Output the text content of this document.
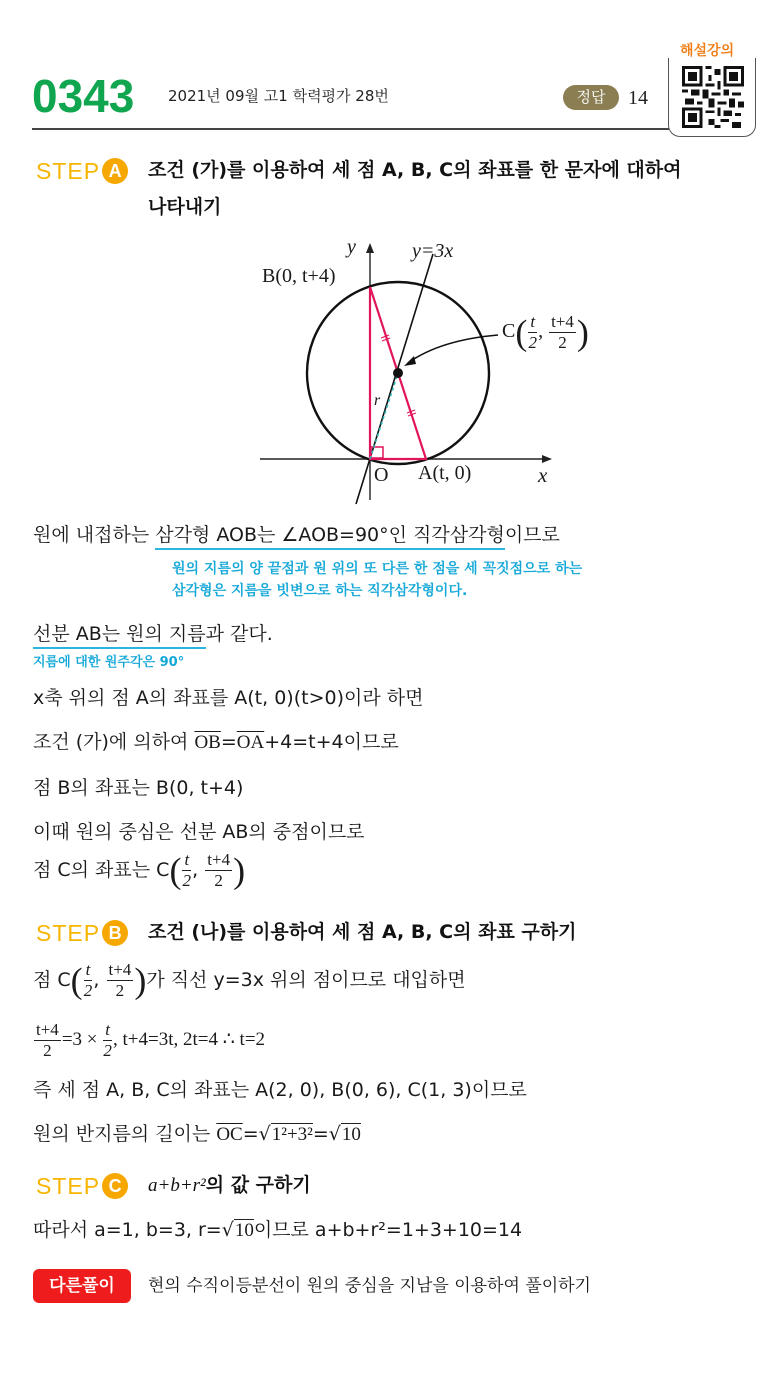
0343 2021년 09월 고1 학력평가 28번	정답	14
해설강의
STEP A	조건 (가)를 이용하여 세 점 A, B, C의 좌표를 한 문자에 대하여
나타내기
y
x
y=3x
B(0, t+4)
O A(t, 0)
r
$C( \frac{t}{2}$ , $\frac{t+4}{2}$ )
원에 내접하는 삼각형 AOB는 ∠AOB=90°인 직각삼각형이므로
원의 지름의 양 끝점과 원 위의 또 다른 한 점을 세 꼭짓점으로 하는
삼각형은 지름을 빗변으로 하는 직각삼각형이다.
선분 AB는 원의 지름과 같다.
지름에 대한 원주각은 90°
x축 위의 점 A의 좌표를 A(t, 0)(t>0)이라 하면
조건 (가)에 의하여 $\overline{OB}=\overline{OA}+4=t+4$이므로
점 B의 좌표는 B(0, t+4)
이때 원의 중심은 선분 AB의 중점이므로
점 C의 좌표는 $C( \frac{t}{2}$ , $\frac{t+4}{2}$ )
STEP B	조건 (나)를 이용하여 세 점 A, B, C의 좌표 구하기
점 $C( \frac{t}{2}$ , $\frac{t+4}{2}$ )가 직선 y=3x 위의 점이므로 대입하면
$\frac{t+4}{2} =3 \times \frac{t}{2}$ , t+4=3t, 2t=4 ∴ t=2
즉 세 점 A, B, C의 좌표는 A(2, 0), B(0, 6), C(1, 3)이므로
원의 반지름의 길이는 $\overline{OC}=√1^2+3^2=√10$
STEP C	a+b+r²의 값 구하기
따라서 a=1, b=3, r=√10이므로 a+b+r²=1+3+10=14
다른풀이	현의 수직이등분선이 원의 중심을 지남을 이용하여 풀이하기
